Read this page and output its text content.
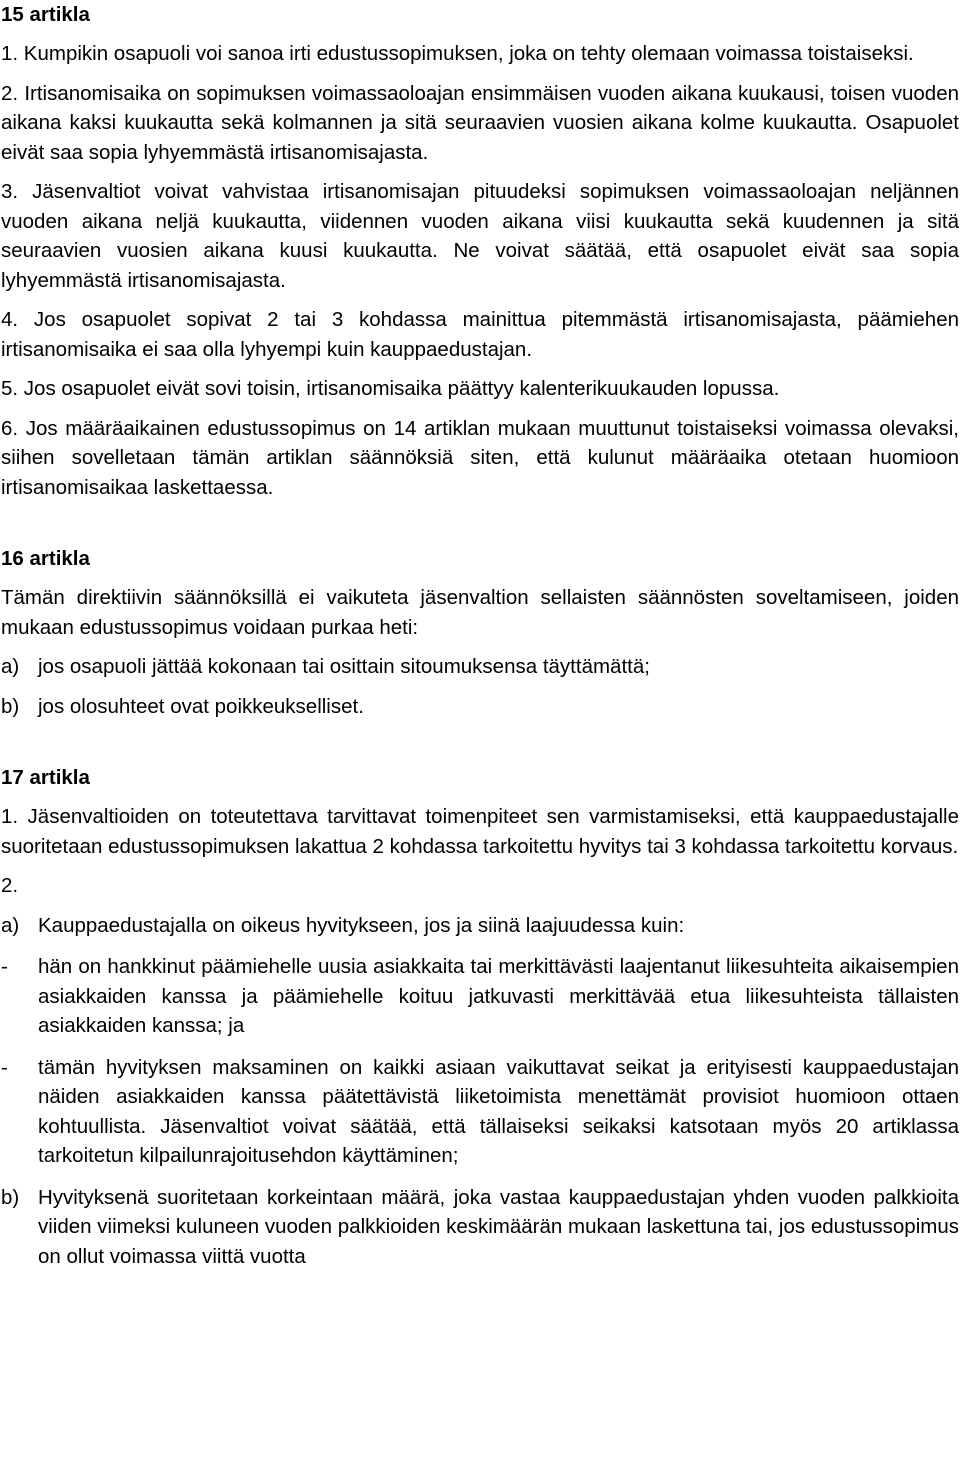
15 artikla

1. Kumpikin osapuoli voi sanoa irti edustussopimuksen, joka on tehty olemaan voimassa toistaiseksi.

2. Irtisanomisaika on sopimuksen voimassaoloajan ensimmäisen vuoden aikana kuukausi, toisen vuoden aikana kaksi kuukautta sekä kolmannen ja sitä seuraavien vuosien aikana kolme kuukautta. Osapuolet eivät saa sopia lyhyemmästä irtisanomisajasta.

3. Jäsenvaltiot voivat vahvistaa irtisanomisajan pituudeksi sopimuksen voimassaoloajan neljännen vuoden aikana neljä kuukautta, viidennen vuoden aikana viisi kuukautta sekä kuudennen ja sitä seuraavien vuosien aikana kuusi kuukautta. Ne voivat säätää, että osapuolet eivät saa sopia lyhyemmästä irtisanomisajasta.

4. Jos osapuolet sopivat 2 tai 3 kohdassa mainittua pitemmästä irtisanomisajasta, päämiehen irtisanomisaika ei saa olla lyhyempi kuin kauppaedustajan.

5. Jos osapuolet eivät sovi toisin, irtisanomisaika päättyy kalenterikuukauden lopussa.

6. Jos määräaikainen edustussopimus on 14 artiklan mukaan muuttunut toistaiseksi voimassa olevaksi, siihen sovelletaan tämän artiklan säännöksiä siten, että kulunut määräaika otetaan huomioon irtisanomisaikaa laskettaessa.

16 artikla

Tämän direktiivin säännöksillä ei vaikuteta jäsenvaltion sellaisten säännösten soveltamiseen, joiden mukaan edustussopimus voidaan purkaa heti:

a) jos osapuoli jättää kokonaan tai osittain sitoumuksensa täyttämättä;
b) jos olosuhteet ovat poikkeukselliset.
17 artikla

1. Jäsenvaltioiden on toteutettava tarvittavat toimenpiteet sen varmistamiseksi, että kauppaedustajalle suoritetaan edustussopimuksen lakattua 2 kohdassa tarkoitettu hyvitys tai 3 kohdassa tarkoitettu korvaus.

2.

a) Kauppaedustajalla on oikeus hyvitykseen, jos ja siinä laajuudessa kuin:
-	hän on hankkinut päämiehelle uusia asiakkaita tai merkittävästi laajentanut liikesuhteita aikaisempien asiakkaiden kanssa ja päämiehelle koituu jatkuvasti merkittävää etua liikesuhteista tällaisten asiakkaiden kanssa; ja
-	tämän hyvityksen maksaminen on kaikki asiaan vaikuttavat seikat ja erityisesti kauppaedustajan näiden asiakkaiden kanssa päätettävistä liiketoimista menettämät provisiot huomioon ottaen kohtuullista. Jäsenvaltiot voivat säätää, että tällaiseksi seikaksi katsotaan myös 20 artiklassa tarkoitetun kilpailunrajoitusehdon käyttäminen;
b) Hyvityksenä suoritetaan korkeintaan määrä, joka vastaa kauppaedustajan yhden vuoden palkkioita viiden viimeksi kuluneen vuoden palkkioiden keskimäärän mukaan laskettuna tai, jos edustussopimus on ollut voimassa viittä vuotta
